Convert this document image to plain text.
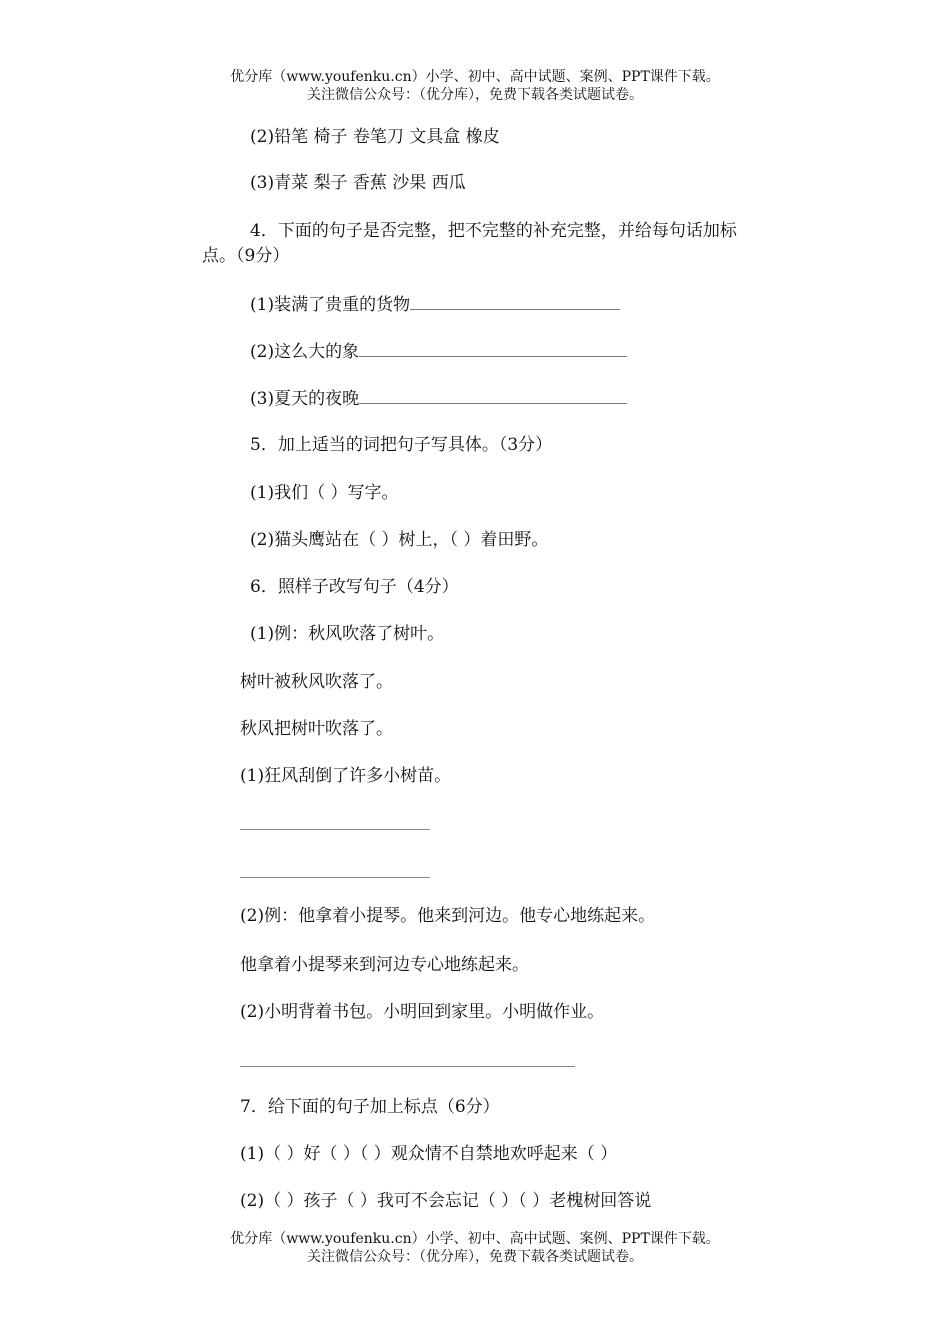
优分库（www.youfenku.cn）小学、初中、高中试题、案例、PPT课件下载。
关注微信公众号：（优分库），免费下载各类试题试卷。
(2)铅笔 椅子 卷笔刀 文具盒 橡皮
(3)青菜 梨子 香蕉 沙果 西瓜
4．下面的句子是否完整，把不完整的补充完整，并给每句话加标
点。（9分）
(1)装满了贵重的货物
(2)这么大的象
(3)夏天的夜晚
5．加上适当的词把句子写具体。（3分）
(1)我们（ ）写字。
(2)猫头鹰站在（ ）树上，（ ）着田野。
6．照样子改写句子（4分）
(1)例：秋风吹落了树叶。
树叶被秋风吹落了。
秋风把树叶吹落了。
(1)狂风刮倒了许多小树苗。
(2)例：他拿着小提琴。他来到河边。他专心地练起来。
他拿着小提琴来到河边专心地练起来。
(2)小明背着书包。小明回到家里。小明做作业。
7．给下面的句子加上标点（6分）
(1)（ ）好（ ）（ ）观众情不自禁地欢呼起来（ ）
(2)（ ）孩子（ ）我可不会忘记（ ）（ ）老槐树回答说
优分库（www.youfenku.cn）小学、初中、高中试题、案例、PPT课件下载。
关注微信公众号：（优分库），免费下载各类试题试卷。
